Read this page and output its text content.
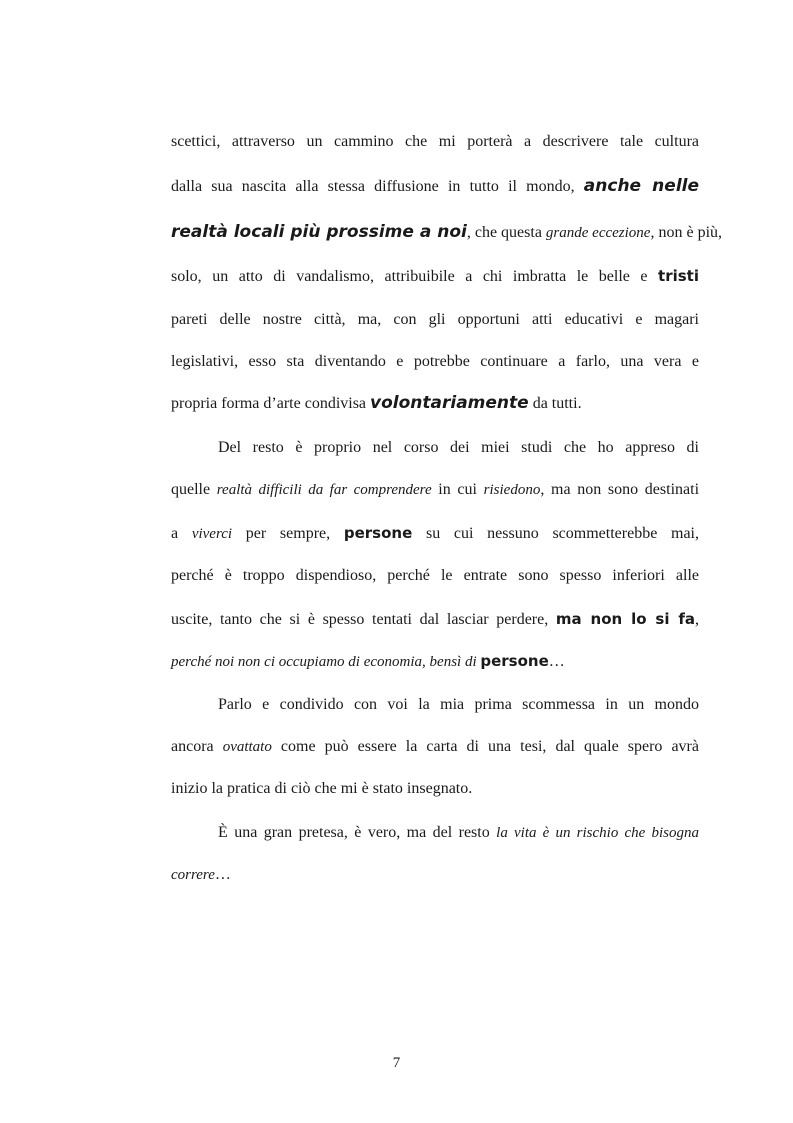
scettici, attraverso un cammino che mi porterà a descrivere tale cultura

dalla sua nascita alla stessa diffusione in tutto il mondo, anche nelle

realtà locali più prossime a noi, che questa grande eccezione, non è più,

solo, un atto di vandalismo, attribuibile a chi imbratta le belle e tristi

pareti delle nostre città, ma, con gli opportuni atti educativi e magari

legislativi, esso sta diventando e potrebbe continuare a farlo, una vera e

propria forma d’arte condivisa volontariamente da tutti.

Del resto è proprio nel corso dei miei studi che ho appreso di

quelle realtà difficili da far comprendere in cui risiedono, ma non sono destinati

a viverci per sempre, persone su cui nessuno scommetterebbe mai,

perché è troppo dispendioso, perché le entrate sono spesso inferiori alle

uscite, tanto che si è spesso tentati dal lasciar perdere, ma non lo si fa,

perché noi non ci occupiamo di economia, bensì di persone…

Parlo e condivido con voi la mia prima scommessa in un mondo

ancora ovattato come può essere la carta di una tesi, dal quale spero avrà

inizio la pratica di ciò che mi è stato insegnato.

È una gran pretesa, è vero, ma del resto la vita è un rischio che bisogna

correre…

7
